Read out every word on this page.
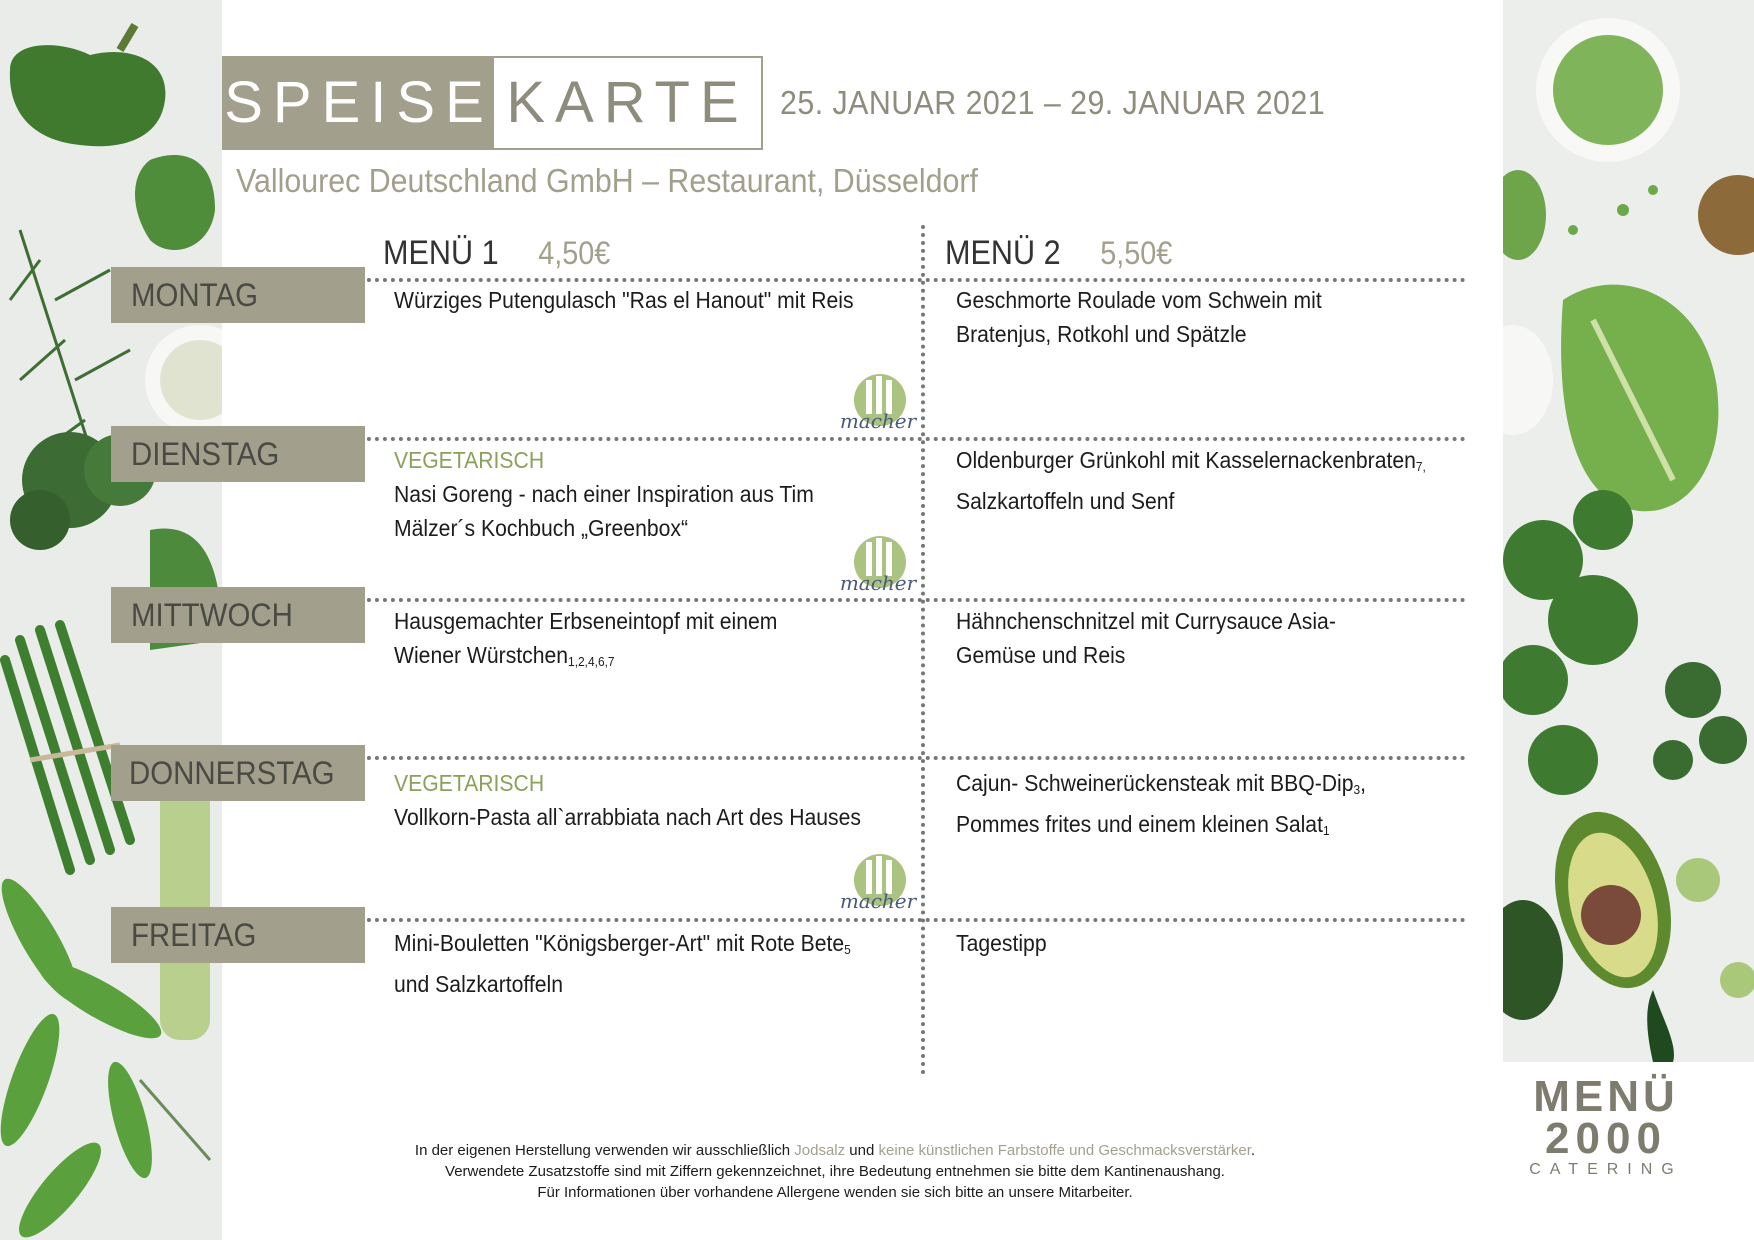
SPEISE KARTE 25. JANUAR 2021 – 29. JANUAR 2021
Vallourec Deutschland GmbH – Restaurant, Düsseldorf
MENÜ 1 4,50€	MENÜ 2 5,50€
MONTAG
DIENSTAG
MITTWOCH
DONNERSTAG
FREITAG
Würziges Putengulasch "Ras el Hanout" mit Reis	Geschmorte Roulade vom Schwein mit Bratenjus, Rotkohl und Spätzle
VEGETARISCH
Nasi Goreng - nach einer Inspiration aus Tim Mälzer´s Kochbuch „Greenbox“
Oldenburger Grünkohl mit Kasselernackenbraten$_{7,}$
Salzkartoffeln und Senf
Hausgemachter Erbseneintopf mit einem Wiener Würstchen$_{1,2,4,6,7}$
Hähnchenschnitzel mit Currysauce Asia-Gemüse und Reis
VEGETARISCH
Vollkorn-Pasta all`arrabbiata nach Art des Hauses
Cajun- Schweinerückensteak mit BBQ-Dip$_3$,
Pommes frites und einem kleinen Salat$_1$
Mini-Bouletten "Königsberger-Art" mit Rote Bete$_5$
und Salzkartoffeln
Tagestipp
macher
macher
macher
In der eigenen Herstellung verwenden wir ausschließlich Jodsalz und keine künstlichen Farbstoffe und Geschmacksverstärker.
Verwendete Zusatzstoffe sind mit Ziffern gekennzeichnet, ihre Bedeutung entnehmen sie bitte dem Kantinenaushang.
Für Informationen über vorhandene Allergene wenden sie sich bitte an unsere Mitarbeiter.
MENÜ
2000
CATERING
